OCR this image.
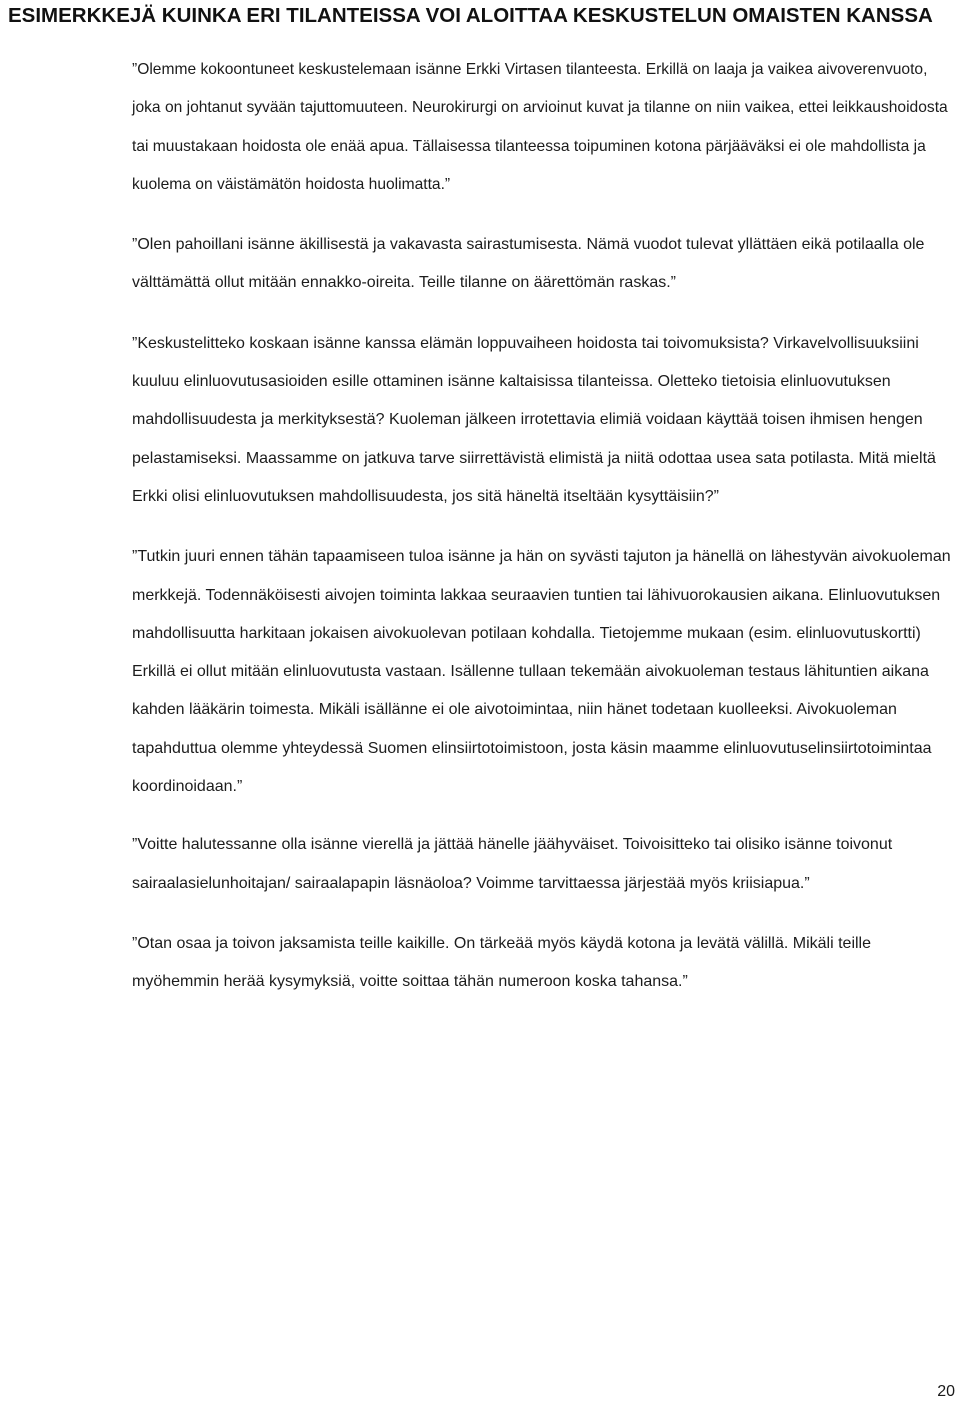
ESIMERKKEJÄ KUINKA ERI TILANTEISSA VOI ALOITTAA KESKUSTELUN OMAISTEN KANSSA

”Olemme kokoontuneet keskustelemaan isänne Erkki Virtasen tilanteesta. Erkillä on laaja ja vaikea aivoverenvuoto, joka on johtanut syvään tajuttomuuteen. Neurokirurgi on arvioinut kuvat ja tilanne on niin vaikea, ettei leikkaushoidosta tai muustakaan hoidosta ole enää apua. Tällaisessa tilanteessa toipuminen kotona pärjääväksi ei ole mahdollista ja kuolema on väistämätön hoidosta huolimatta.”

”Olen pahoillani isänne äkillisestä ja vakavasta sairastumisesta. Nämä vuodot tulevat yllättäen eikä potilaalla ole välttämättä ollut mitään ennakko-oireita. Teille tilanne on äärettömän raskas.”

”Keskustelitteko koskaan isänne kanssa elämän loppuvaiheen hoidosta tai toivomuksista? Virkavelvollisuuksiini kuuluu elinluovutusasioiden esille ottaminen isänne kaltaisissa tilanteissa. Oletteko tietoisia elinluovutuksen mahdollisuudesta ja merkityksestä? Kuoleman jälkeen irrotettavia elimiä voidaan käyttää toisen ihmisen hengen pelastamiseksi. Maassamme on jatkuva tarve siirrettävistä elimistä ja niitä odottaa usea sata potilasta. Mitä mieltä Erkki olisi elinluovutuksen mahdollisuudesta, jos sitä häneltä itseltään kysyttäisiin?”

”Tutkin juuri ennen tähän tapaamiseen tuloa isänne ja hän on syvästi tajuton ja hänellä on lähestyvän aivokuoleman merkkejä. Todennäköisesti aivojen toiminta lakkaa seuraavien tuntien tai lähivuorokausien aikana. Elinluovutuksen mahdollisuutta harkitaan jokaisen aivokuolevan potilaan kohdalla. Tietojemme mukaan (esim. elinluovutuskortti) Erkillä ei ollut mitään elinluovutusta vastaan. Isällenne tullaan tekemään aivokuoleman testaus lähituntien aikana kahden lääkärin toimesta. Mikäli isällänne ei ole aivotoimintaa, niin hänet todetaan kuolleeksi. Aivokuoleman tapahduttua olemme yhteydessä Suomen elinsiirtotoimistoon, josta käsin maamme elinluovutuselinsiirtotoimintaa koordinoidaan.”

”Voitte halutessanne olla isänne vierellä ja jättää hänelle jäähyväiset. Toivoisitteko tai olisiko isänne toivonut sairaalasielunhoitajan/ sairaalapapin läsnäoloa? Voimme tarvittaessa järjestää myös kriisiapua.”

”Otan osaa ja toivon jaksamista teille kaikille. On tärkeää myös käydä kotona ja levätä välillä. Mikäli teille myöhemmin herää kysymyksiä, voitte soittaa tähän numeroon koska tahansa.”

20
